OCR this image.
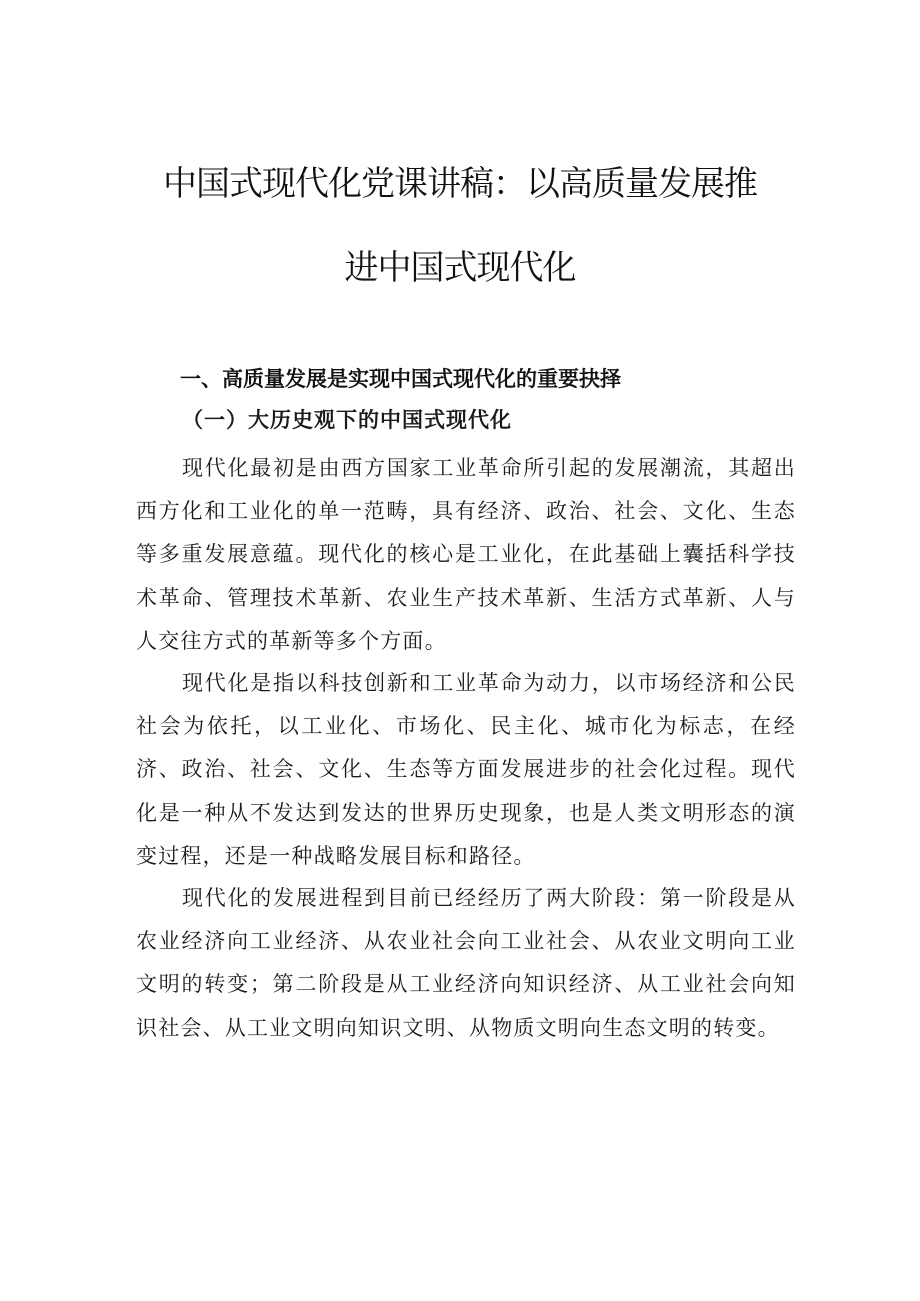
中国式现代化党课讲稿：以高质量发展推
进中国式现代化
一、高质量发展是实现中国式现代化的重要抉择
（一）大历史观下的中国式现代化

现代化最初是由西方国家工业革命所引起的发展潮流，其超出西方化和工业化的单一范畴，具有经济、政治、社会、文化、生态等多重发展意蕴。现代化的核心是工业化，在此基础上囊括科学技术革命、管理技术革新、农业生产技术革新、生活方式革新、人与人交往方式的革新等多个方面。

现代化是指以科技创新和工业革命为动力，以市场经济和公民社会为依托，以工业化、市场化、民主化、城市化为标志，在经济、政治、社会、文化、生态等方面发展进步的社会化过程。现代化是一种从不发达到发达的世界历史现象，也是人类文明形态的演变过程，还是一种战略发展目标和路径。

现代化的发展进程到目前已经经历了两大阶段：第一阶段是从农业经济向工业经济、从农业社会向工业社会、从农业文明向工业文明的转变；第二阶段是从工业经济向知识经济、从工业社会向知识社会、从工业文明向知识文明、从物质文明向生态文明的转变。
